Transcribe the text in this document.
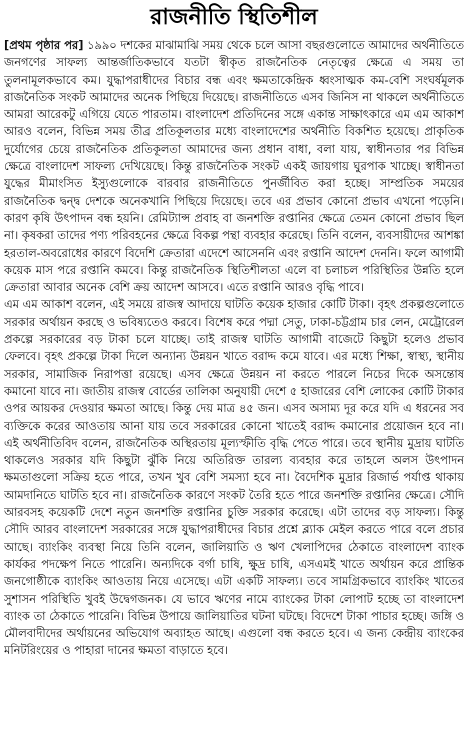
রাজনীতি স্থিতিশীল

[প্রথম পৃষ্ঠার পর] ১৯৯০ দশকের মাঝামাঝি সময় থেকে চলে আসা বছরগুলোতে আমাদের অর্থনীতিতে জনগণের সাফল্য আন্তর্জাতিকভাবে যতটা স্বীকৃত রাজনৈতিক নেতৃত্বের ক্ষেত্রে এ সময় তা তুলনামূলকভাবে কম। যুদ্ধাপরাধীদের বিচার বন্ধ এবং ক্ষমতাকেন্দ্রিক ধ্বংসাত্মক কম-বেশি সংঘর্ষমূলক রাজনৈতিক সংকট আমাদের অনেক পিছিয়ে দিয়েছে। রাজনীতিতে এসব জিনিস না থাকলে অর্থনীতিতে আমরা আরেকটু এগিয়ে যেতে পারতাম। বাংলাদেশ প্রতিদিনের সঙ্গে একান্ত সাক্ষাৎকারে এম এম আকাশ আরও বলেন, বিভিন্ন সময় তীব্র প্রতিকূলতার মধ্যে বাংলাদেশের অর্থনীতি বিকশিত হয়েছে। প্রাকৃতিক দুর্যোগের চেয়ে রাজনৈতিক প্রতিকূলতা আমাদের জন্য প্রধান বাধা, বলা যায়, স্বাধীনতার পর বিভিন্ন ক্ষেত্রে বাংলাদেশ সাফল্য দেখিয়েছে। কিন্তু রাজনৈতিক সংকট একই জায়গায় ঘুরপাক খাচ্ছে। স্বাধীনতা যুদ্ধের মীমাংসিত ইস্যুগুলোকে বারবার রাজনীতিতে পুনর্জীবিত করা হচ্ছে। সাম্প্রতিক সময়ের রাজনৈতিক দ্বন্দ্ব দেশকে অনেকখানি পিছিয়ে দিয়েছে। তবে এর প্রভাব কোনো প্রভাব এখনো পড়েনি। কারণ কৃষি উৎপাদন বন্ধ হয়নি। রেমিট্যান্স প্রবাহ বা জনশক্তি রপ্তানির ক্ষেত্রে তেমন কোনো প্রভাব ছিল না। কৃষকরা তাদের পণ্য পরিবহনের ক্ষেত্রে বিকল্প পন্থা ব্যবহার করেছে। তিনি বলেন, ব্যবসায়ীদের আশঙ্কা হরতাল-অবরোধের কারণে বিদেশি ক্রেতারা এদেশে আসেননি এবং রপ্তানি আদেশ দেননি। ফলে আগামী কয়েক মাস পরে রপ্তানি কমবে। কিন্তু রাজনৈতিক স্থিতিশীলতা এলে বা চলাচল পরিস্থিতির উন্নতি হলে ক্রেতারা আবার অনেক বেশি ক্রয় আদেশ আসবে। এতে রপ্তানি আরও বৃদ্ধি পাবে।

এম এম আকাশ বলেন, এই সময়ে রাজস্ব আদায়ে ঘাটতি কয়েক হাজার কোটি টাকা। বৃহৎ প্রকল্পগুলোতে সরকার অর্থায়ন করছে ও ভবিষ্যতেও করবে। বিশেষ করে পদ্মা সেতু, ঢাকা-চট্টগ্রাম চার লেন, মেট্রোরেল প্রকল্পে সরকারের বড় টাকা চলে যাচ্ছে। তাই রাজস্ব ঘাটতি আগামী বাজেটে কিছুটা হলেও প্রভাব ফেলবে। বৃহৎ প্রকল্পে টাকা দিলে অন্যান্য উন্নয়ন খাতে বরাদ্দ কমে যাবে। এর মধ্যে শিক্ষা, স্বাস্থ্য, স্থানীয় সরকার, সামাজিক নিরাপত্তা রয়েছে। এসব ক্ষেত্রে উন্নয়ন না করতে পারলে নিচের দিকে অসন্তোষ কমানো যাবে না। জাতীয় রাজস্ব বোর্ডের তালিকা অনুযায়ী দেশে ৫ হাজারের বেশি লোকের কোটি টাকার ওপর আয়কর দেওয়ার ক্ষমতা আছে। কিন্তু দেয় মাত্র ৪৫ জন। এসব অসাম্য দূর করে যদি এ ধরনের সব ব্যক্তিকে করের আওতায় আনা যায় তবে সরকারের কোনো খাতেই বরাদ্দ কমানোর প্রয়োজন হবে না। এই অর্থনীতিবিদ বলেন, রাজনৈতিক অস্থিরতায় মূল্যস্ফীতি বৃদ্ধি পেতে পারে। তবে স্থানীয় মুদ্রায় ঘাটতি থাকলেও সরকার যদি কিছুটা ঝুঁকি নিয়ে অতিরিক্ত তারল্য ব্যবহার করে তাহলে অলস উৎপাদন ক্ষমতাগুলো সক্রিয় হতে পারে, তখন খুব বেশি সমস্যা হবে না। বৈদেশিক মুদ্রার রিজার্ভ পর্যাপ্ত থাকায় আমদানিতে ঘাটতি হবে না। রাজনৈতিক কারণে সংকট তৈরি হতে পারে জনশক্তি রপ্তানির ক্ষেত্রে। সৌদি আরবসহ কয়েকটি দেশে নতুন জনশক্তি রপ্তানির চুক্তি সরকার করেছে। এটা তাদের বড় সাফল্য। কিন্তু সৌদি আরব বাংলাদেশ সরকারের সঙ্গে যুদ্ধাপরাধীদের বিচার প্রশ্নে ব্ল্যাক মেইল করতে পারে বলে প্রচার আছে। ব্যাংকিং ব্যবস্থা নিয়ে তিনি বলেন, জালিয়াতি ও ঋণ খেলাপিদের ঠেকাতে বাংলাদেশ ব্যাংক কার্যকর পদক্ষেপ নিতে পারেনি। অন্যদিকে বর্গা চাষি, ক্ষুদ্র চাষি, এসএমই খাতে অর্থায়ন করে প্রান্তিক জনগোষ্ঠীকে ব্যাংকিং আওতায় নিয়ে এসেছে। এটা একটি সাফল্য। তবে সামগ্রিকভাবে ব্যাংকিং খাতের সুশাসন পরিস্থিতি খুবই উদ্বেগজনক। যে ভাবে ঋণের নামে ব্যাংকের টাকা লোপাট হচ্ছে তা বাংলাদেশ ব্যাংক তা ঠেকাতে পারেনি। বিভিন্ন উপায়ে জালিয়াতির ঘটনা ঘটছে। বিদেশে টাকা পাচার হচ্ছে। জঙ্গি ও মৌলবাদীদের অর্থায়নের অভিযোগ অব্যাহত আছে। এগুলো বন্ধ করতে হবে। এ জন্য কেন্দ্রীয় ব্যাংকের মনিটরিংয়ের ও পাহারা দানের ক্ষমতা বাড়াতে হবে।
